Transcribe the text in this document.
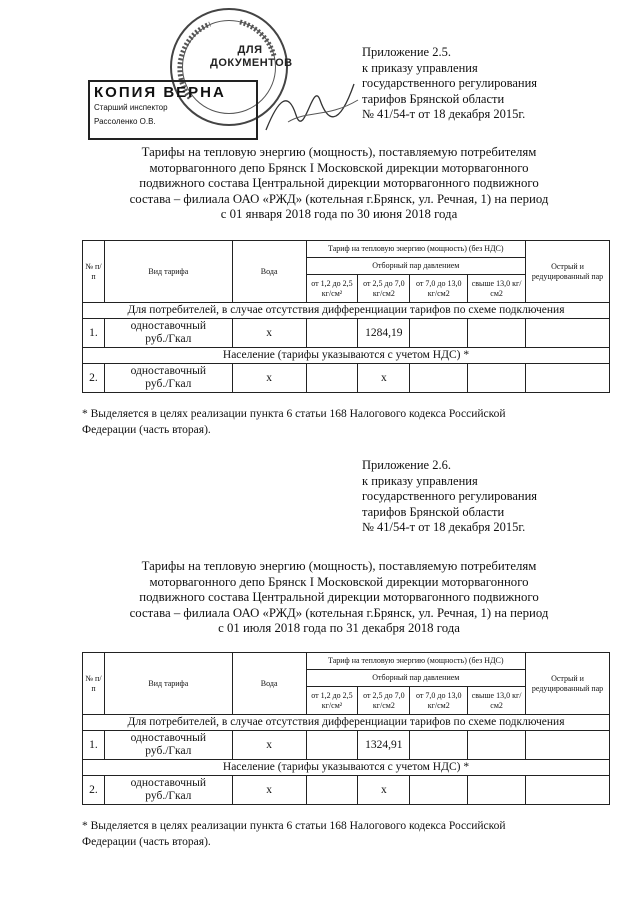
ДЛЯ ДОКУМЕНТОВ
КОПИЯ ВЕРНА
Старший инспектор
Рассоленко О.В.
Приложение 2.5.
к приказу управления
государственного регулирования
тарифов Брянской области
№ 41/54-т от 18 декабря 2015г.
Тарифы на тепловую энергию (мощность), поставляемую потребителям
моторвагонного депо Брянск I Московской дирекции моторвагонного
подвижного состава Центральной дирекции моторвагонного подвижного
состава – филиала ОАО «РЖД» (котельная г.Брянск, ул. Речная, 1) на период
с 01 января 2018 года по 30 июня 2018 года
№ п/п	Вид тарифа	Вода	Тариф на тепловую энергию (мощность) (без НДС)				Острый и редуцированный пар
			Отборный пар давлением				
			от 1,2 до 2,5 кг/см²	от 2,5 до 7,0 кг/см2	от 7,0 до 13,0 кг/см2	свыше 13,0 кг/см2	
Для потребителей, в случае отсутствия дифференциации тарифов по схеме подключения							
1.	одноставочный
руб./Гкал	x		1284,19			
Население (тарифы указываются с учетом НДС) *							
2.	одноставочный
руб./Гкал	x		x			
* Выделяется в целях реализации пункта 6 статьи 168 Налогового кодекса Российской
Федерации (часть вторая).
Приложение 2.6.
к приказу управления
государственного регулирования
тарифов Брянской области
№ 41/54-т от 18 декабря 2015г.
Тарифы на тепловую энергию (мощность), поставляемую потребителям
моторвагонного депо Брянск I Московской дирекции моторвагонного
подвижного состава Центральной дирекции моторвагонного подвижного
состава – филиала ОАО «РЖД» (котельная г.Брянск, ул. Речная, 1) на период
с 01 июля 2018 года по 31 декабря 2018 года
№ п/п	Вид тарифа	Вода	Тариф на тепловую энергию (мощность) (без НДС)				Острый и редуцированный пар
			Отборный пар давлением				
			от 1,2 до 2,5 кг/см²	от 2,5 до 7,0 кг/см2	от 7,0 до 13,0 кг/см2	свыше 13,0 кг/см2	
Для потребителей, в случае отсутствия дифференциации тарифов по схеме подключения							
1.	одноставочный
руб./Гкал	x		1324,91			
Население (тарифы указываются с учетом НДС) *							
2.	одноставочный
руб./Гкал	x		x			
* Выделяется в целях реализации пункта 6 статьи 168 Налогового кодекса Российской
Федерации (часть вторая).
